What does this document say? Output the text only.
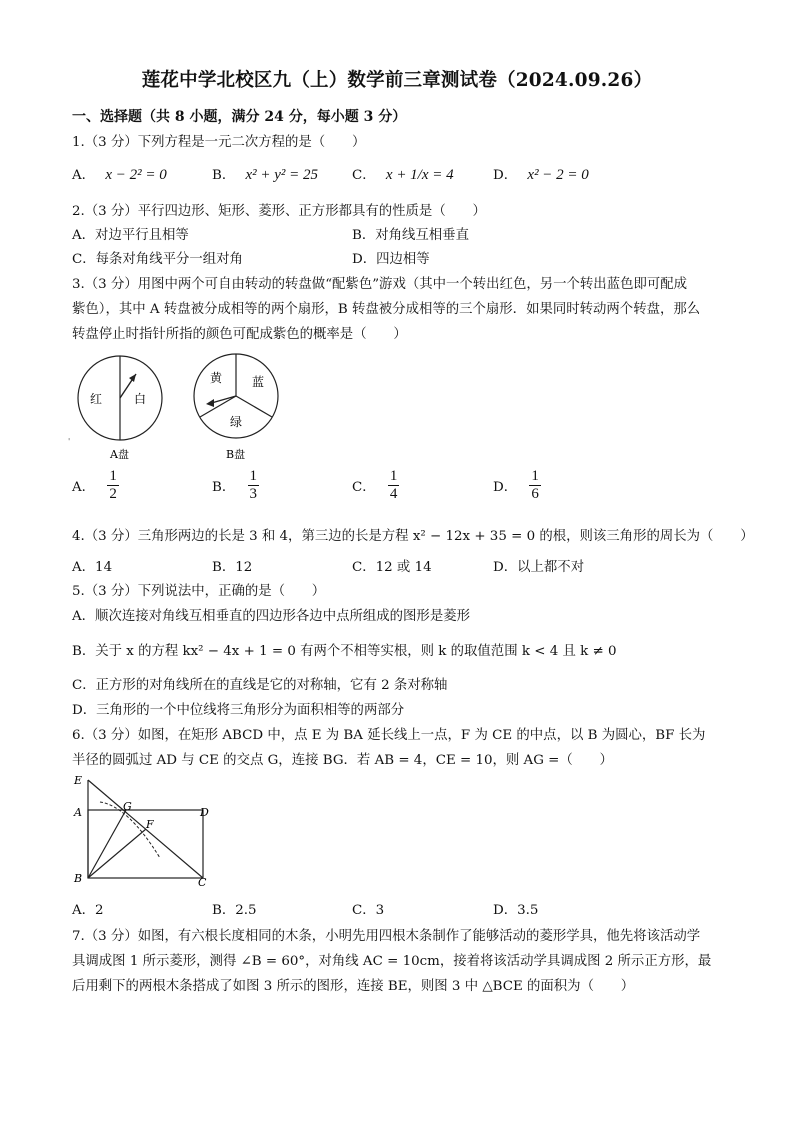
莲花中学北校区九（上）数学前三章测试卷（2024.09.26）
一、选择题（共 8 小题，满分 24 分，每小题 3 分）
1.（3 分）下列方程是一元二次方程的是（　　）
A． x − 2² = 0	B． x² + y² = 25	C． x + 1/x = 4	D． x² − 2 = 0
2.（3 分）平行四边形、矩形、菱形、正方形都具有的性质是（　　）
A．对边平行且相等	B．对角线互相垂直
C．每条对角线平分一组对角	D．四边相等
3.（3 分）用图中两个可自由转动的转盘做“配紫色”游戏（其中一个转出红色，另一个转出蓝色即可配成
紫色），其中 A 转盘被分成相等的两个扇形，B 转盘被分成相等的三个扇形．如果同时转动两个转盘，那么
转盘停止时指针所指的颜色可配成紫色的概率是（　　）
红	白
A盘
'
黄 蓝
绿
B盘
A． $\frac{1}{2}$	B． $\frac{1}{3}$	C． $\frac{1}{4}$	D． $\frac{1}{6}$
4.（3 分）三角形两边的长是 3 和 4，第三边的长是方程 x² − 12x + 35 = 0 的根，则该三角形的周长为（　　）
A．14	B．12	C．12 或 14	D．以上都不对
5.（3 分）下列说法中，正确的是（　　）
A．顺次连接对角线互相垂直的四边形各边中点所组成的图形是菱形
B．关于 x 的方程 kx² − 4x + 1 = 0 有两个不相等实根，则 k 的取值范围 k < 4 且 k ≠ 0
C．正方形的对角线所在的直线是它的对称轴，它有 2 条对称轴
D．三角形的一个中位线将三角形分为面积相等的两部分
6.（3 分）如图，在矩形 ABCD 中，点 E 为 BA 延长线上一点，F 为 CE 的中点，以 B 为圆心，BF 长为
半径的圆弧过 AD 与 CE 的交点 G，连接 BG．若 AB = 4，CE = 10，则 AG =（　　）
E
A	G	D
F
B	C
A．2	B．2.5	C．3	D．3.5
7.（3 分）如图，有六根长度相同的木条，小明先用四根木条制作了能够活动的菱形学具，他先将该活动学
具调成图 1 所示菱形，测得 ∠B = 60°，对角线 AC = 10cm，接着将该活动学具调成图 2 所示正方形，最
后用剩下的两根木条搭成了如图 3 所示的图形，连接 BE，则图 3 中 △BCE 的面积为（　　）
